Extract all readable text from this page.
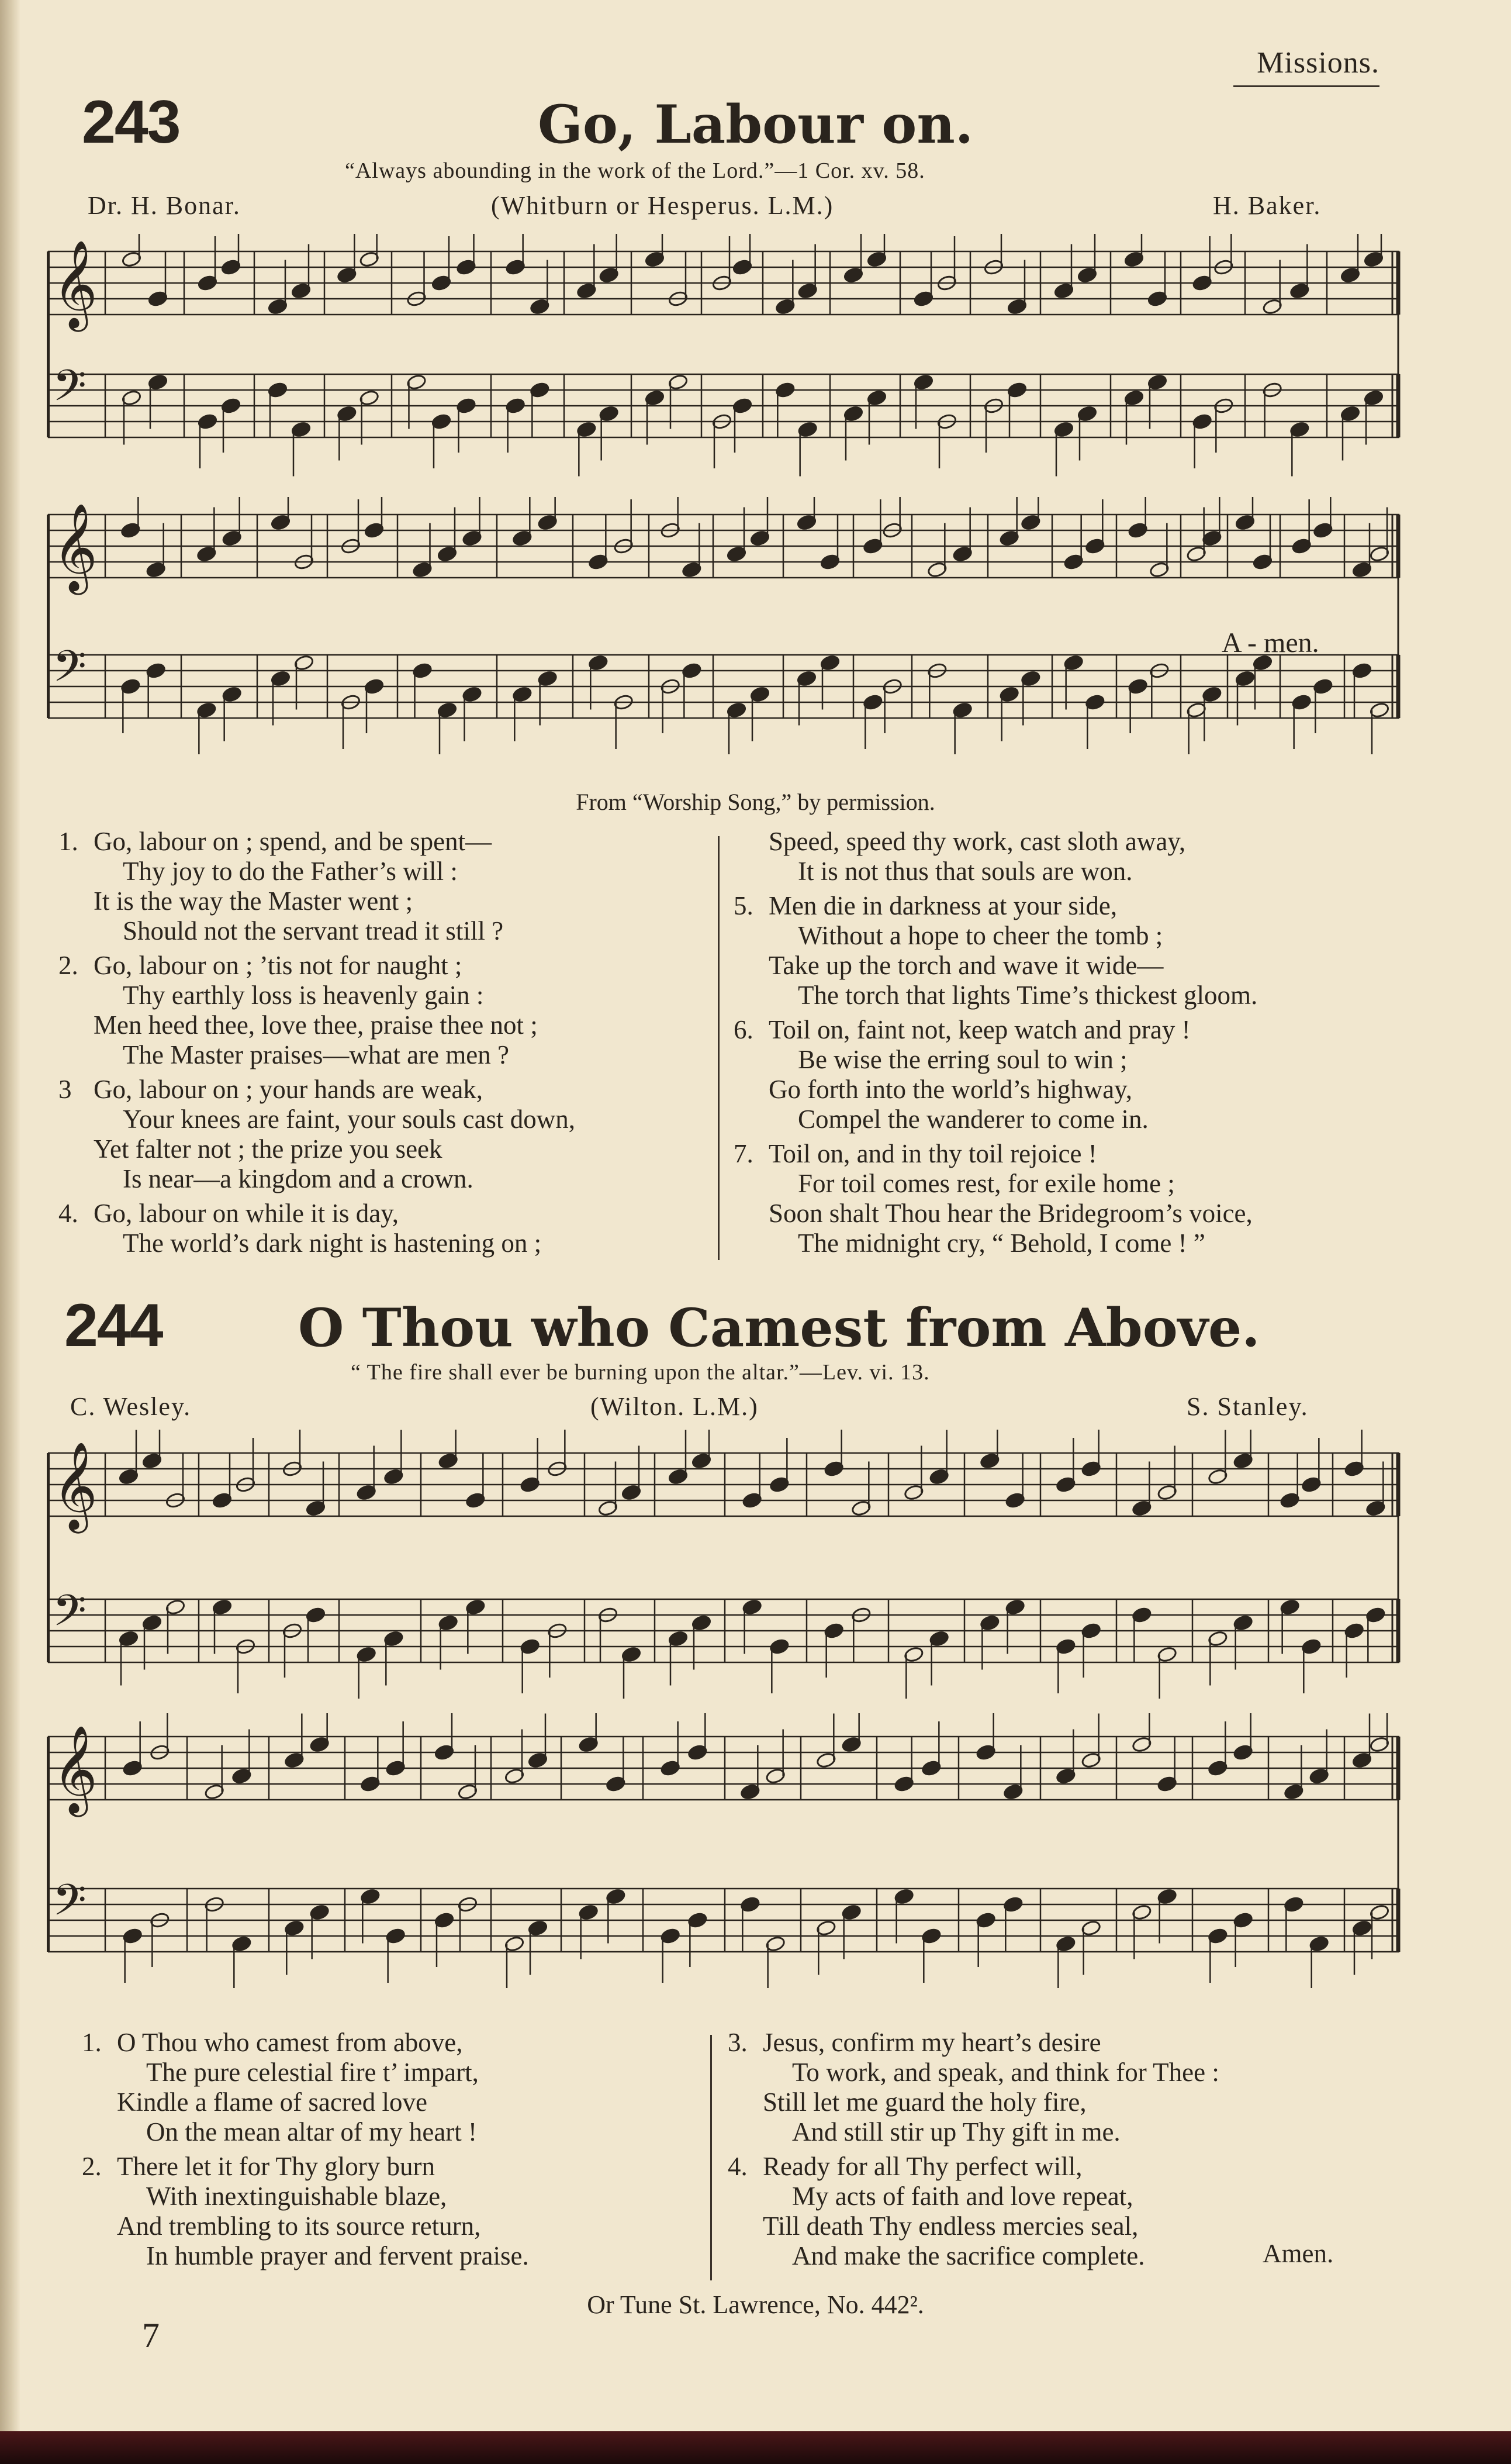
Missions.
243	Go, Labour on.
“Always abounding in the work of the Lord.”—1 Cor. xv. 58.
Dr. H. Bonar.	(Whitburn or Hesperus. L.M.)	H. Baker.
𝄞
𝄢
𝄞
𝄢	A - men.
From “Worship Song,” by permission.
1. Go, labour on ; spend, and be spent—
Thy joy to do the Father’s will :
It is the way the Master went ;
Should not the servant tread it still ?
2. Go, labour on ; ’tis not for naught ;
Thy earthly loss is heavenly gain :
Men heed thee, love thee, praise thee not ;
The Master praises—what are men ?
3 Go, labour on ; your hands are weak,
Your knees are faint, your souls cast down,
Yet falter not ; the prize you seek
Is near—a kingdom and a crown.
4. Go, labour on while it is day,
The world’s dark night is hastening on ;
Speed, speed thy work, cast sloth away,
It is not thus that souls are won.
5. Men die in darkness at your side,
Without a hope to cheer the tomb ;
Take up the torch and wave it wide—
The torch that lights Time’s thickest gloom.
6. Toil on, faint not, keep watch and pray !
Be wise the erring soul to win ;
Go forth into the world’s highway,
Compel the wanderer to come in.
7. Toil on, and in thy toil rejoice !
For toil comes rest, for exile home ;
Soon shalt Thou hear the Bridegroom’s voice,
The midnight cry, “ Behold, I come ! ”
244	O Thou who Camest from Above.
“ The fire shall ever be burning upon the altar.”—Lev. vi. 13.
C. Wesley.	(Wilton. L.M.)	S. Stanley.
𝄞
𝄢
𝄞
𝄢
1. O Thou who camest from above,
The pure celestial fire t’ impart,
Kindle a flame of sacred love
On the mean altar of my heart !
2. There let it for Thy glory burn
With inextinguishable blaze,
And trembling to its source return,
In humble prayer and fervent praise.
3. Jesus, confirm my heart’s desire
To work, and speak, and think for Thee :
Still let me guard the holy fire,
And still stir up Thy gift in me.
4. Ready for all Thy perfect will,
My acts of faith and love repeat,
Till death Thy endless mercies seal,
And make the sacrifice complete.	Amen.
Or Tune St. Lawrence, No. 442².
7
